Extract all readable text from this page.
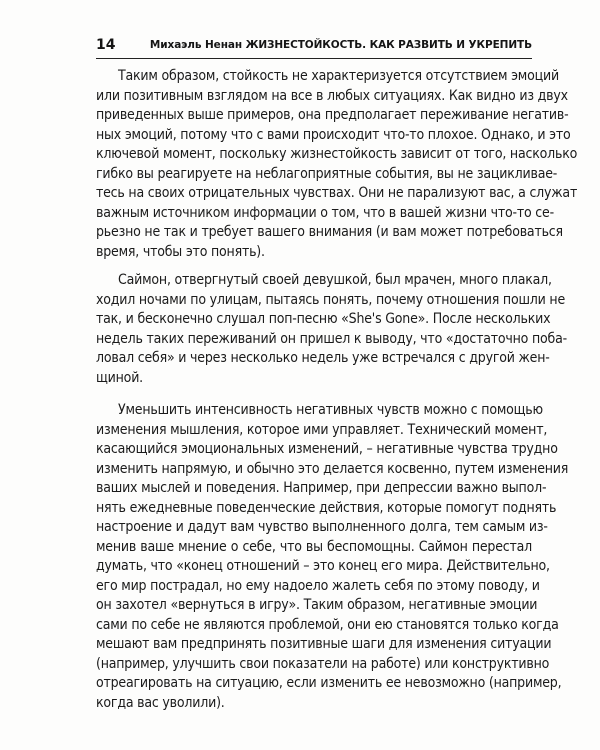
14	Михаэль Ненан ЖИЗНЕСТОЙКОСТЬ. КАК РАЗВИТЬ И УКРЕПИТЬ
Таким образом, стойкость не характеризуется отсутствием эмоций
или позитивным взглядом на все в любых ситуациях. Как видно из двух
приведенных выше примеров, она предполагает переживание негатив-
ных эмоций, потому что с вами происходит что-то плохое. Однако, и это
ключевой момент, поскольку жизнестойкость зависит от того, насколько
гибко вы реагируете на неблагоприятные события, вы не зацикливае-
тесь на своих отрицательных чувствах. Они не парализуют вас, а служат
важным источником информации о том, что в вашей жизни что-то се-
рьезно не так и требует вашего внимания (и вам может потребоваться
время, чтобы это понять).
Саймон, отвергнутый своей девушкой, был мрачен, много плакал,
ходил ночами по улицам, пытаясь понять, почему отношения пошли не
так, и бесконечно слушал поп-песню «She's Gone». После нескольких
недель таких переживаний он пришел к выводу, что «достаточно поба-
ловал себя» и через несколько недель уже встречался с другой жен-
щиной.
Уменьшить интенсивность негативных чувств можно с помощью
изменения мышления, которое ими управляет. Технический момент,
касающийся эмоциональных изменений, – негативные чувства трудно
изменить напрямую, и обычно это делается косвенно, путем изменения
ваших мыслей и поведения. Например, при депрессии важно выпол-
нять ежедневные поведенческие действия, которые помогут поднять
настроение и дадут вам чувство выполненного долга, тем самым из-
менив ваше мнение о себе, что вы беспомощны. Саймон перестал
думать, что «конец отношений – это конец его мира. Действительно,
его мир пострадал, но ему надоело жалеть себя по этому поводу, и
он захотел «вернуться в игру». Таким образом, негативные эмоции
сами по себе не являются проблемой, они ею становятся только когда
мешают вам предпринять позитивные шаги для изменения ситуации
(например, улучшить свои показатели на работе) или конструктивно
отреагировать на ситуацию, если изменить ее невозможно (например,
когда вас уволили).
